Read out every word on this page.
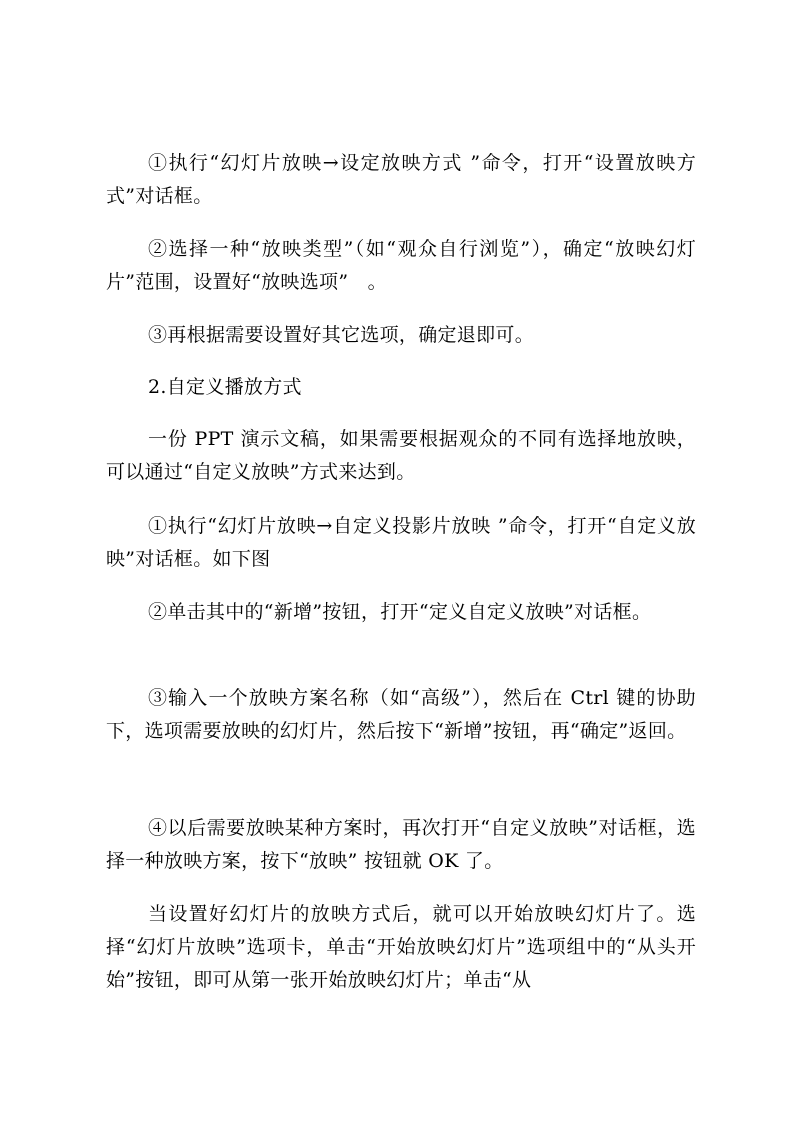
①执行“幻灯片放映→设定放映方式 ”命令，打开“设置放映方式”对话框。

②选择一种“放映类型”（如“观众自行浏览”），确定“放映幻灯片”范围，设置好“放映选项”　。

③再根据需要设置好其它选项，确定退即可。

2.自定义播放方式

一份 PPT 演示文稿，如果需要根据观众的不同有选择地放映，可以通过“自定义放映”方式来达到。

①执行“幻灯片放映→自定义投影片放映 ”命令，打开“自定义放映”对话框。如下图

②单击其中的“新增”按钮，打开“定义自定义放映”对话框。

③输入一个放映方案名称（如“高级”），然后在 Ctrl 键的协助下，选项需要放映的幻灯片，然后按下“新增”按钮，再“确定”返回。

④以后需要放映某种方案时，再次打开“自定义放映”对话框，选择一种放映方案，按下“放映” 按钮就 OK 了。

当设置好幻灯片的放映方式后，就可以开始放映幻灯片了。选择“幻灯片放映”选项卡，单击“开始放映幻灯片”选项组中的“从头开始”按钮，即可从第一张开始放映幻灯片；单击“从
